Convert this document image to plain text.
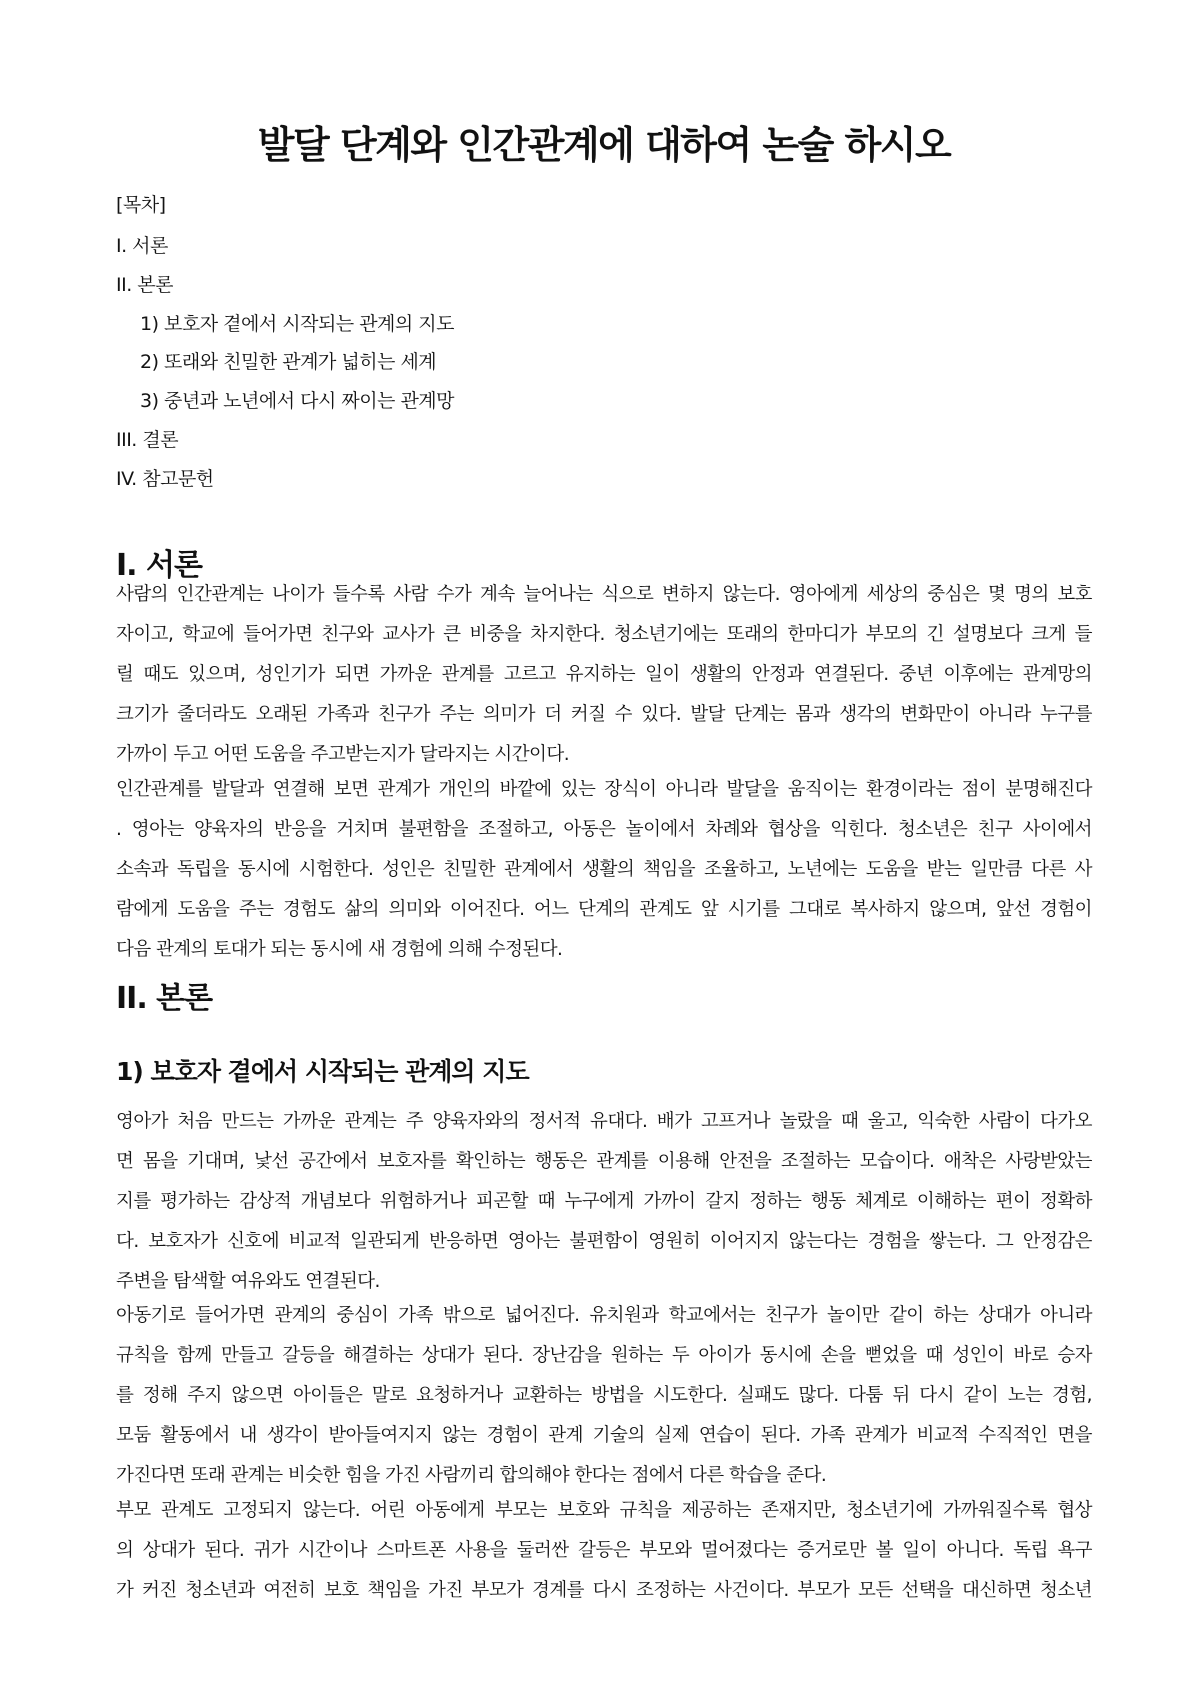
발달 단계와 인간관계에 대하여 논술 하시오
[목차]
I. 서론
II. 본론
1) 보호자 곁에서 시작되는 관계의 지도
2) 또래와 친밀한 관계가 넓히는 세계
3) 중년과 노년에서 다시 짜이는 관계망
III. 결론
IV. 참고문헌
I. 서론
사람의 인간관계는 나이가 들수록 사람 수가 계속 늘어나는 식으로 변하지 않는다. 영아에게 세상의 중심은 몇 명의 보호
자이고, 학교에 들어가면 친구와 교사가 큰 비중을 차지한다. 청소년기에는 또래의 한마디가 부모의 긴 설명보다 크게 들
릴 때도 있으며, 성인기가 되면 가까운 관계를 고르고 유지하는 일이 생활의 안정과 연결된다. 중년 이후에는 관계망의
크기가 줄더라도 오래된 가족과 친구가 주는 의미가 더 커질 수 있다. 발달 단계는 몸과 생각의 변화만이 아니라 누구를
가까이 두고 어떤 도움을 주고받는지가 달라지는 시간이다.
인간관계를 발달과 연결해 보면 관계가 개인의 바깥에 있는 장식이 아니라 발달을 움직이는 환경이라는 점이 분명해진다
. 영아는 양육자의 반응을 거치며 불편함을 조절하고, 아동은 놀이에서 차례와 협상을 익힌다. 청소년은 친구 사이에서
소속과 독립을 동시에 시험한다. 성인은 친밀한 관계에서 생활의 책임을 조율하고, 노년에는 도움을 받는 일만큼 다른 사
람에게 도움을 주는 경험도 삶의 의미와 이어진다. 어느 단계의 관계도 앞 시기를 그대로 복사하지 않으며, 앞선 경험이
다음 관계의 토대가 되는 동시에 새 경험에 의해 수정된다.
II. 본론
1) 보호자 곁에서 시작되는 관계의 지도
영아가 처음 만드는 가까운 관계는 주 양육자와의 정서적 유대다. 배가 고프거나 놀랐을 때 울고, 익숙한 사람이 다가오
면 몸을 기대며, 낯선 공간에서 보호자를 확인하는 행동은 관계를 이용해 안전을 조절하는 모습이다. 애착은 사랑받았는
지를 평가하는 감상적 개념보다 위험하거나 피곤할 때 누구에게 가까이 갈지 정하는 행동 체계로 이해하는 편이 정확하
다. 보호자가 신호에 비교적 일관되게 반응하면 영아는 불편함이 영원히 이어지지 않는다는 경험을 쌓는다. 그 안정감은
주변을 탐색할 여유와도 연결된다.
아동기로 들어가면 관계의 중심이 가족 밖으로 넓어진다. 유치원과 학교에서는 친구가 놀이만 같이 하는 상대가 아니라
규칙을 함께 만들고 갈등을 해결하는 상대가 된다. 장난감을 원하는 두 아이가 동시에 손을 뻗었을 때 성인이 바로 승자
를 정해 주지 않으면 아이들은 말로 요청하거나 교환하는 방법을 시도한다. 실패도 많다. 다툼 뒤 다시 같이 노는 경험,
모둠 활동에서 내 생각이 받아들여지지 않는 경험이 관계 기술의 실제 연습이 된다. 가족 관계가 비교적 수직적인 면을
가진다면 또래 관계는 비슷한 힘을 가진 사람끼리 합의해야 한다는 점에서 다른 학습을 준다.
부모 관계도 고정되지 않는다. 어린 아동에게 부모는 보호와 규칙을 제공하는 존재지만, 청소년기에 가까워질수록 협상
의 상대가 된다. 귀가 시간이나 스마트폰 사용을 둘러싼 갈등은 부모와 멀어졌다는 증거로만 볼 일이 아니다. 독립 욕구
가 커진 청소년과 여전히 보호 책임을 가진 부모가 경계를 다시 조정하는 사건이다. 부모가 모든 선택을 대신하면 청소년
